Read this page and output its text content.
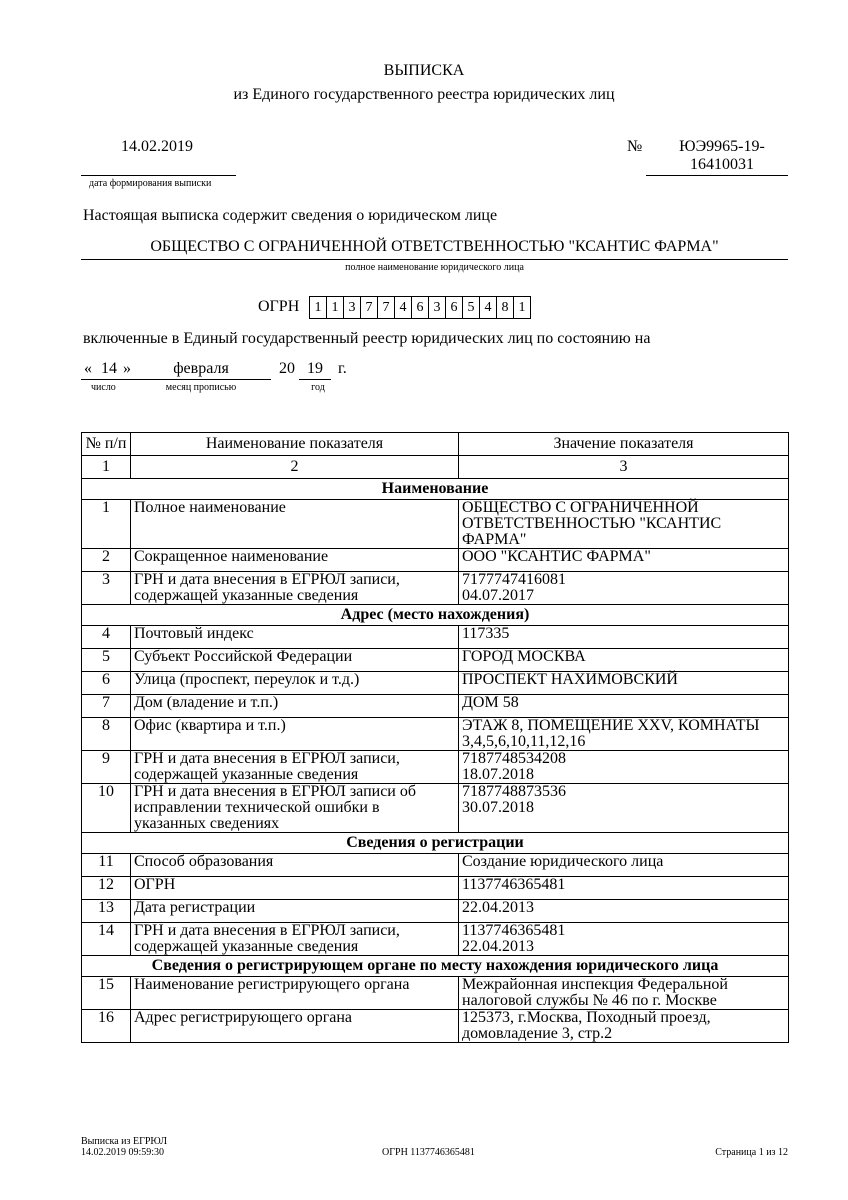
ВЫПИСКА
из Единого государственного реестра юридических лиц
14.02.2019
дата формирования выписки
№	ЮЭ9965-19-
16410031
Настоящая выписка содержит сведения о юридическом лице
ОБЩЕСТВО С ОГРАНИЧЕННОЙ ОТВЕТСТВЕННОСТЬЮ "КСАНТИС ФАРМА"
полное наименование юридического лица
ОГРН	1 1 3 7 7 4 6 3 6 5 4 8 1
включенные в Единый государственный реестр юридических лиц по состоянию на
« 14 »
число
февраля
месяц прописью
20 19 г.
год
№ п/п	Наименование показателя	Значение показателя
1	2	3
Наименование		
1	Полное наименование	ОБЩЕСТВО С ОГРАНИЧЕННОЙ ОТВЕТСТВЕННОСТЬЮ "КСАНТИС ФАРМА"
2	Сокращенное наименование	ООО "КСАНТИС ФАРМА"
3	ГРН и дата внесения в ЕГРЮЛ записи, содержащей указанные сведения	7177747416081
04.07.2017
Адрес (место нахождения)		
4	Почтовый индекс	117335
5	Субъект Российской Федерации	ГОРОД МОСКВА
6	Улица (проспект, переулок и т.д.)	ПРОСПЕКТ НАХИМОВСКИЙ
7	Дом (владение и т.п.)	ДОМ 58
8	Офис (квартира и т.п.)	ЭТАЖ 8, ПОМЕЩЕНИЕ XXV, КОМНАТЫ 3,4,5,6,10,11,12,16
9	ГРН и дата внесения в ЕГРЮЛ записи, содержащей указанные сведения	7187748534208
18.07.2018
10	ГРН и дата внесения в ЕГРЮЛ записи об исправлении технической ошибки в указанных сведениях	7187748873536
30.07.2018
Сведения о регистрации		
11	Способ образования	Создание юридического лица
12	ОГРН	1137746365481
13	Дата регистрации	22.04.2013
14	ГРН и дата внесения в ЕГРЮЛ записи, содержащей указанные сведения	1137746365481
22.04.2013
Сведения о регистрирующем органе по месту нахождения юридического лица		
15	Наименование регистрирующего органа	Межрайонная инспекция Федеральной налоговой службы № 46 по г. Москве
16	Адрес регистрирующего органа	125373, г.Москва, Походный проезд, домовладение 3, стр.2
Выписка из ЕГРЮЛ
14.02.2019 09:59:30	ОГРН 1137746365481	Страница 1 из 12
